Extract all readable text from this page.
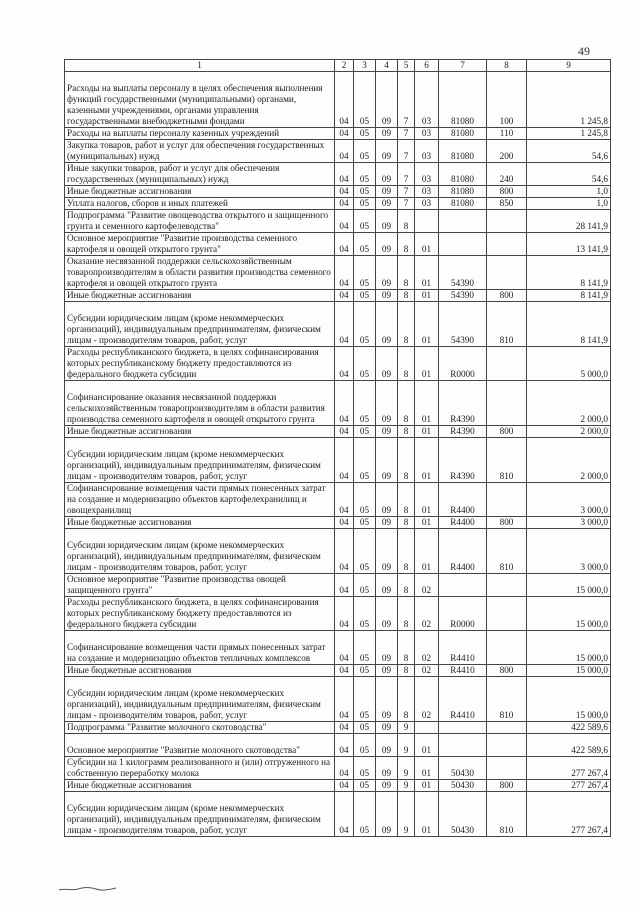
49
1	2	3	4	5	6	7	8	9
Расходы на выплаты персоналу в целях обеспечения выполнения функций государственными (муниципальными) органами, казенными учреждениями, органами управления государственными внебюджетными фондами	04	05	09	7	03	81080	100	1 245,8
Расходы на выплаты персоналу казенных учреждений	04	05	09	7	03	81080	110	1 245,8
Закупка товаров, работ и услуг для обеспечения государственных (муниципальных) нужд	04	05	09	7	03	81080	200	54,6
Иные закупки товаров, работ и услуг для обеспечения государственных (муниципальных) нужд	04	05	09	7	03	81080	240	54,6
Иные бюджетные ассигнования	04	05	09	7	03	81080	800	1,0
Уплата налогов, сборов и иных платежей	04	05	09	7	03	81080	850	1,0
Подпрограмма "Развитие овощеводства открытого и защищенного грунта и семенного картофелеводства"	04	05	09	8				28 141,9
Основное мероприятие "Развитие производства семенного картофеля и овощей открытого грунта"	04	05	09	8	01			13 141,9
Оказание несвязанной поддержки сельскохозяйственным товаропроизводителям в области развития производства семенного картофеля и овощей открытого грунта	04	05	09	8	01	54390		8 141,9
Иные бюджетные ассигнования	04	05	09	8	01	54390	800	8 141,9
Субсидии юридическим лицам (кроме некоммерческих организаций), индивидуальным предпринимателям, физическим лицам - производителям товаров, работ, услуг	04	05	09	8	01	54390	810	8 141,9
Расходы республиканского бюджета, в целях софинансирования которых республиканскому бюджету предоставляются из федерального бюджета субсидии	04	05	09	8	01	R0000		5 000,0
Софинансирование оказания несвязанной поддержки сельскохозяйственным товаропроизводителям в области развития производства семенного картофеля и овощей открытого грунта	04	05	09	8	01	R4390		2 000,0
Иные бюджетные ассигнования	04	05	09	8	01	R4390	800	2 000,0
Субсидии юридическим лицам (кроме некоммерческих организаций), индивидуальным предпринимателям, физическим лицам - производителям товаров, работ, услуг	04	05	09	8	01	R4390	810	2 000,0
Софинансирование возмещения части прямых понесенных затрат на создание и модернизацию объектов картофелехранилищ и овощехранилищ	04	05	09	8	01	R4400		3 000,0
Иные бюджетные ассигнования	04	05	09	8	01	R4400	800	3 000,0
Субсидии юридическим лицам (кроме некоммерческих организаций), индивидуальным предпринимателям, физическим лицам - производителям товаров, работ, услуг	04	05	09	8	01	R4400	810	3 000,0
Основное мероприятие "Развитие производства овощей защищенного грунта"	04	05	09	8	02			15 000,0
Расходы республиканского бюджета, в целях софинансирования которых республиканскому бюджету предоставляются из федерального бюджета субсидии	04	05	09	8	02	R0000		15 000,0
Софинансирование возмещения части прямых понесенных затрат на создание и модернизацию объектов тепличных комплексов	04	05	09	8	02	R4410		15 000,0
Иные бюджетные ассигнования	04	05	09	8	02	R4410	800	15 000,0
Субсидии юридическим лицам (кроме некоммерческих организаций), индивидуальным предпринимателям, физическим лицам - производителям товаров, работ, услуг	04	05	09	8	02	R4410	810	15 000,0
Подпрограмма "Развитие молочного скотоводства"	04	05	09	9				422 589,6
Основное мероприятие "Развитие молочного скотоводства"	04	05	09	9	01			422 589,6
Субсидии на 1 килограмм реализованного и (или) отгруженного на собственную переработку молока	04	05	09	9	01	50430		277 267,4
Иные бюджетные ассигнования	04	05	09	9	01	50430	800	277 267,4
Субсидии юридическим лицам (кроме некоммерческих организаций), индивидуальным предпринимателям, физическим лицам - производителям товаров, работ, услуг	04	05	09	9	01	50430	810	277 267,4
